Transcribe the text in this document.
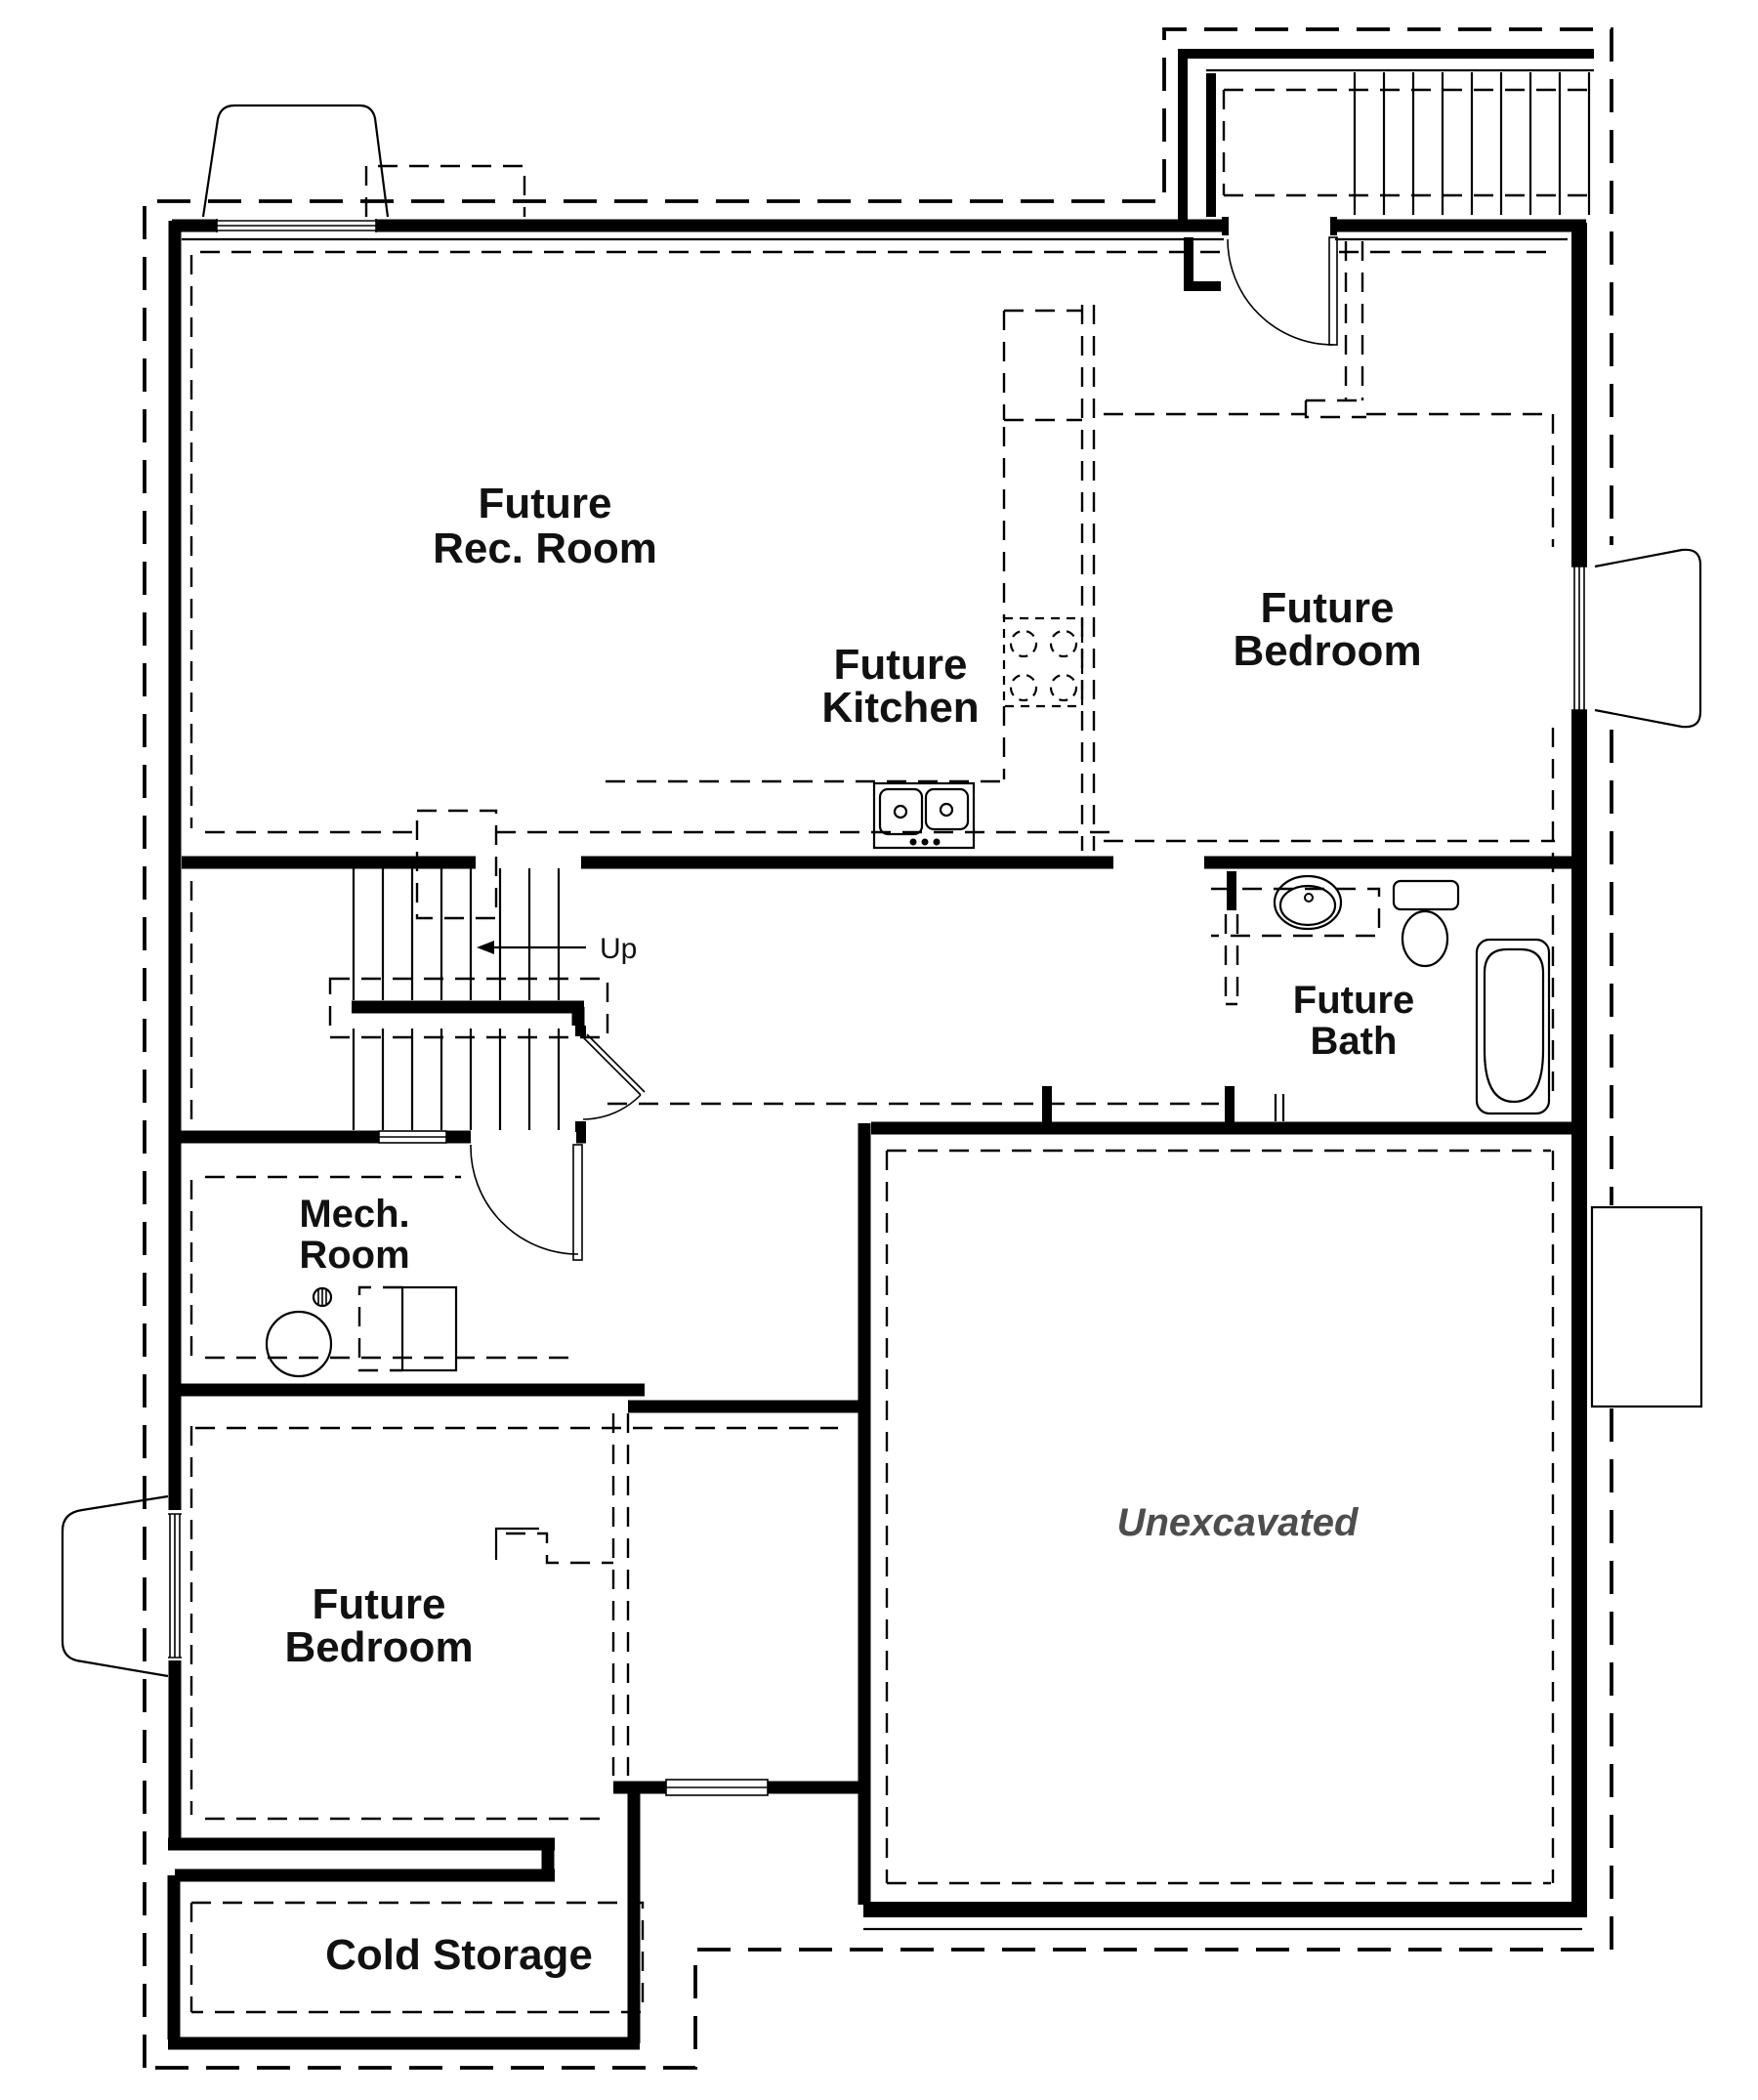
Future
Rec. Room
Future
Kitchen
Future
Bedroom
Future
Bath
Mech.
Room
Future
Bedroom
Cold Storage
Unexcavated
Up
